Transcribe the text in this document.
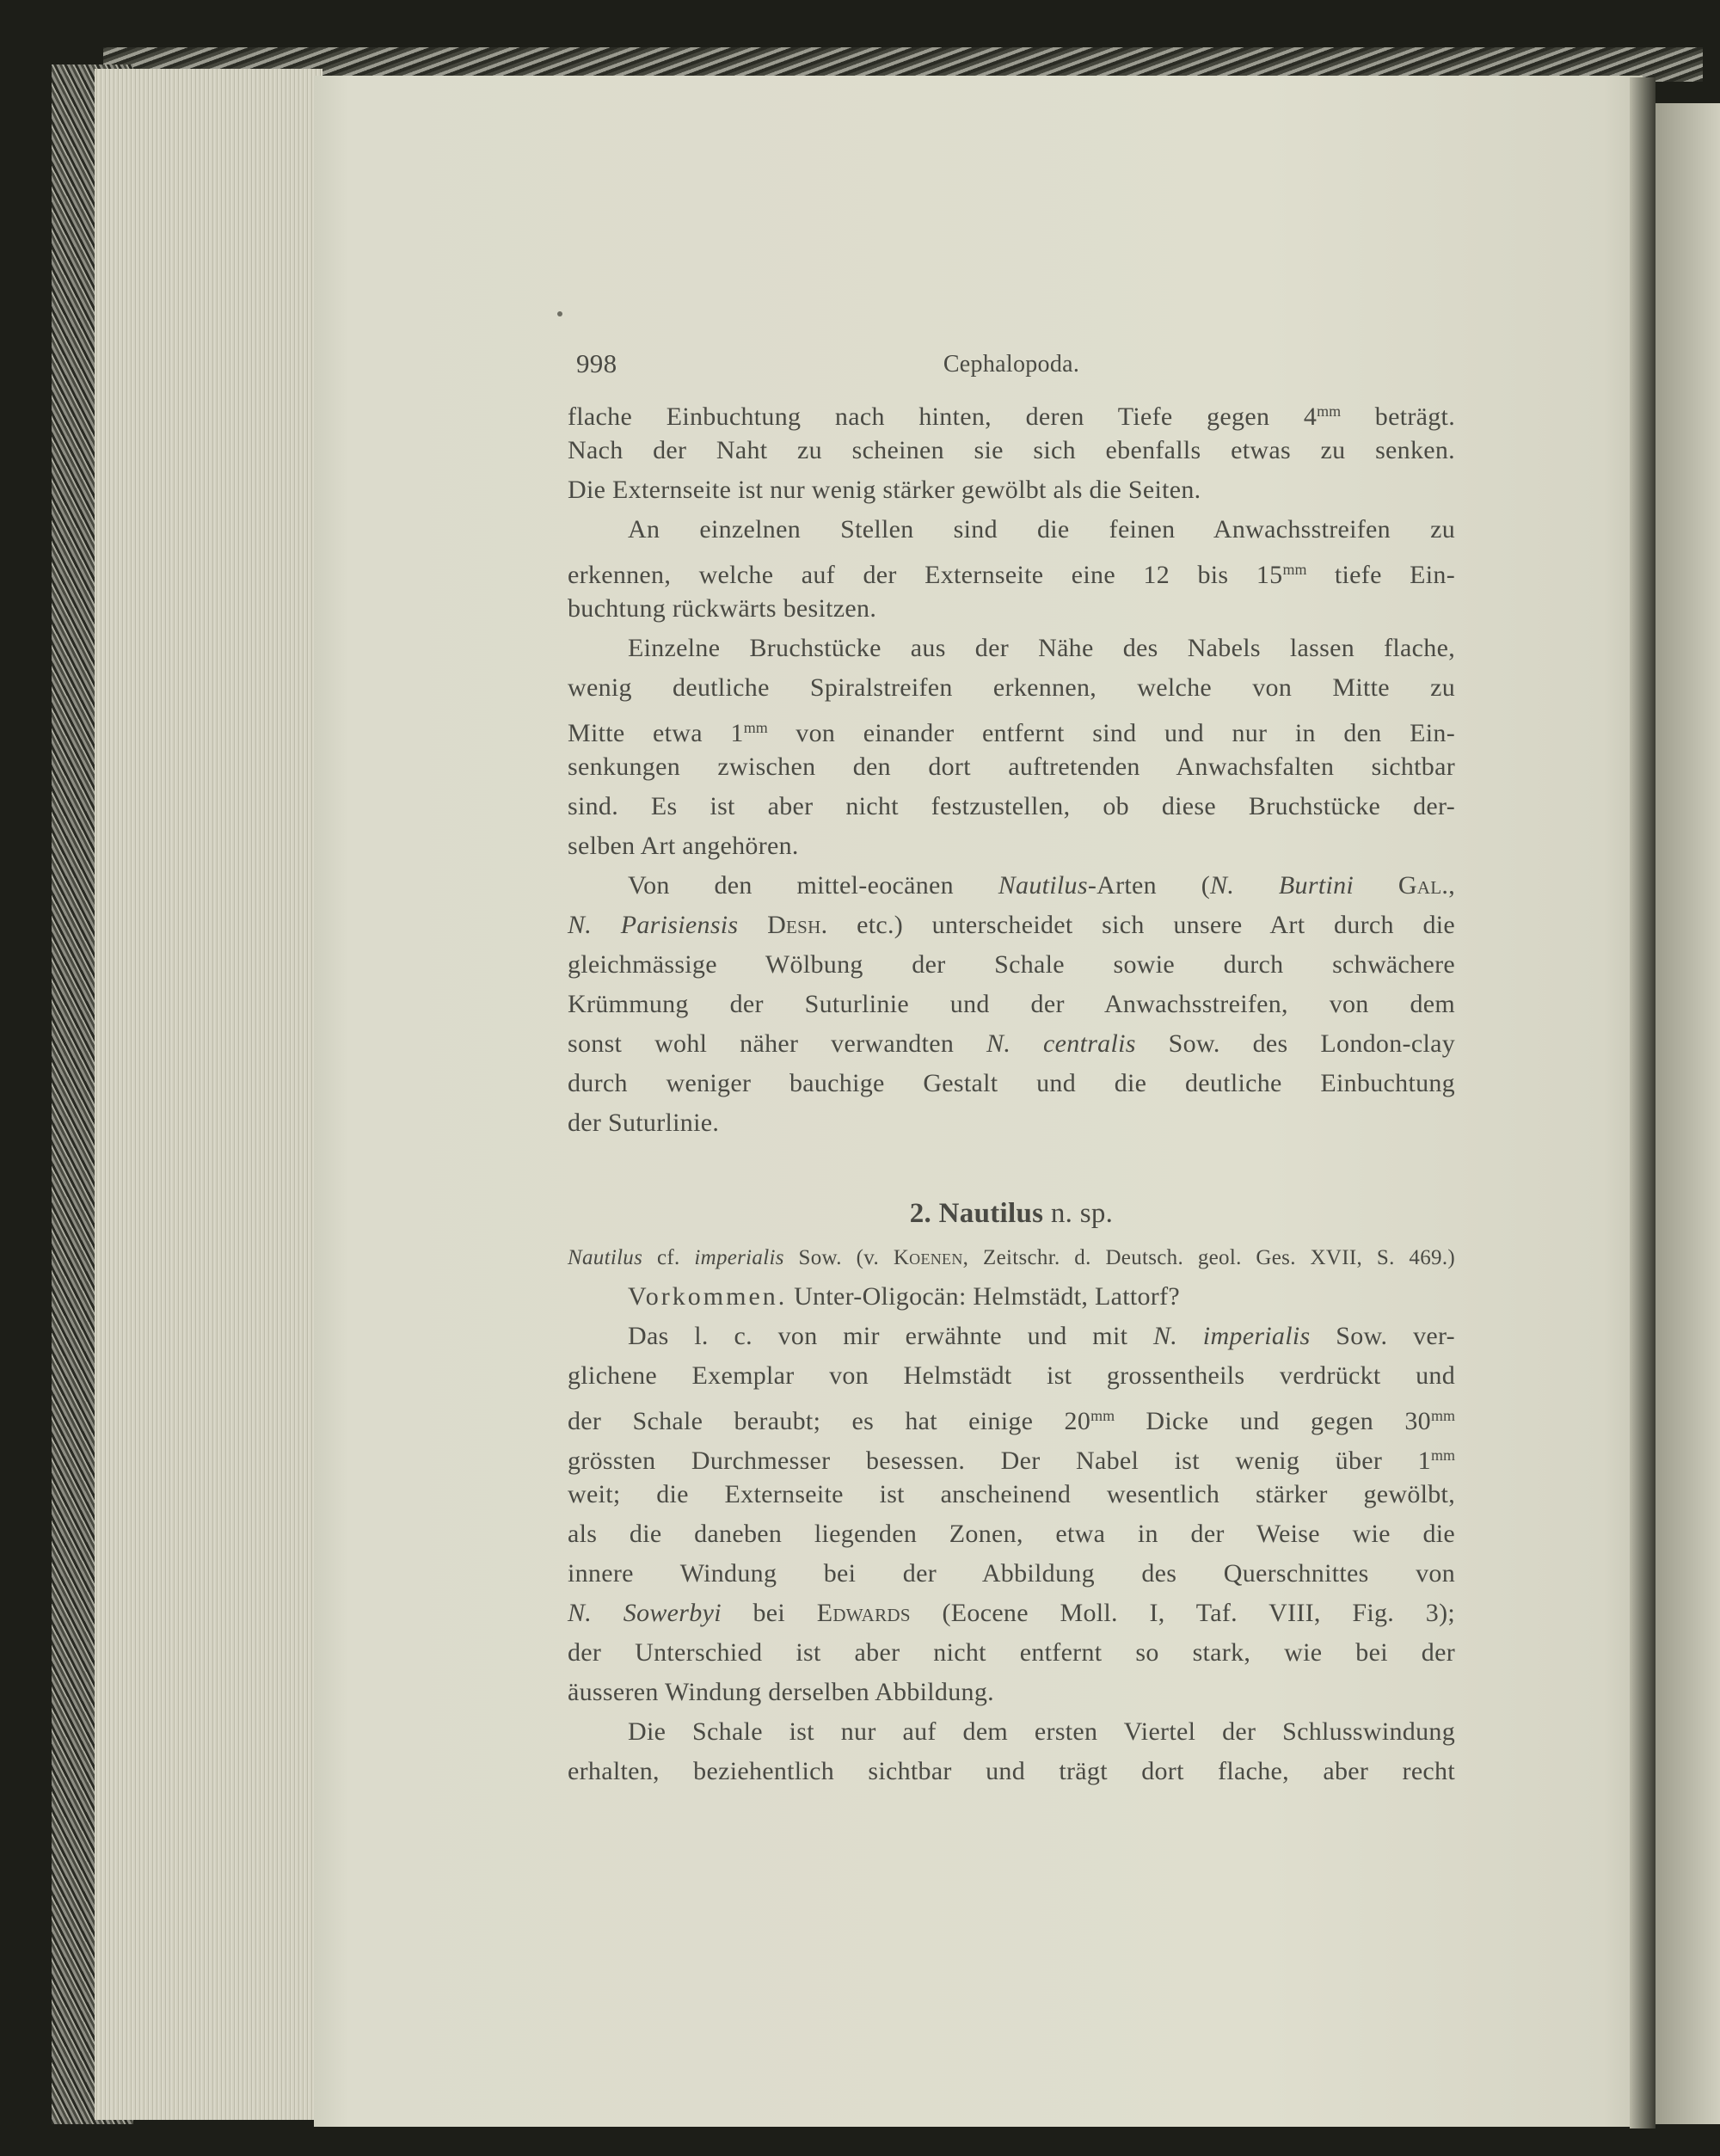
998	Cephalopoda.
flache Einbuchtung nach hinten, deren Tiefe gegen $4^{mm}$ beträgt.
Nach der Naht zu scheinen sie sich ebenfalls etwas zu senken.
Die Externseite ist nur wenig stärker gewölbt als die Seiten.
An einzelnen Stellen sind die feinen Anwachsstreifen zu
erkennen, welche auf der Externseite eine 12 bis $15^{mm}$ tiefe Ein-
buchtung rückwärts besitzen.
Einzelne Bruchstücke aus der Nähe des Nabels lassen flache,
wenig deutliche Spiralstreifen erkennen, welche von Mitte zu
Mitte etwa $1^{mm}$ von einander entfernt sind und nur in den Ein-
senkungen zwischen den dort auftretenden Anwachsfalten sichtbar
sind. Es ist aber nicht festzustellen, ob diese Bruchstücke der-
selben Art angehören.
Von den mittel-eocänen Nautilus-Arten (N. Burtini Gal.,
N. Parisiensis Desh. etc.) unterscheidet sich unsere Art durch die
gleichmässige Wölbung der Schale sowie durch schwächere
Krümmung der Suturlinie und der Anwachsstreifen, von dem
sonst wohl näher verwandten N. centralis Sow. des London-clay
durch weniger bauchige Gestalt und die deutliche Einbuchtung
der Suturlinie.
2. Nautilus n. sp.
Nautilus cf. imperialis Sow. (v. Koenen, Zeitschr. d. Deutsch. geol. Ges. XVII, S. 469.)
Vorkommen. Unter-Oligocän: Helmstädt, Lattorf?
Das l. c. von mir erwähnte und mit N. imperialis Sow. ver-
glichene Exemplar von Helmstädt ist grossentheils verdrückt und
der Schale beraubt; es hat einige $20^{mm}$ Dicke und gegen $30^{mm}$
grössten Durchmesser besessen. Der Nabel ist wenig über $1^{mm}$
weit; die Externseite ist anscheinend wesentlich stärker gewölbt,
als die daneben liegenden Zonen, etwa in der Weise wie die
innere Windung bei der Abbildung des Querschnittes von
N. Sowerbyi bei Edwards (Eocene Moll. I, Taf. VIII, Fig. 3);
der Unterschied ist aber nicht entfernt so stark, wie bei der
äusseren Windung derselben Abbildung.
Die Schale ist nur auf dem ersten Viertel der Schlusswindung
erhalten, beziehentlich sichtbar und trägt dort flache, aber recht
